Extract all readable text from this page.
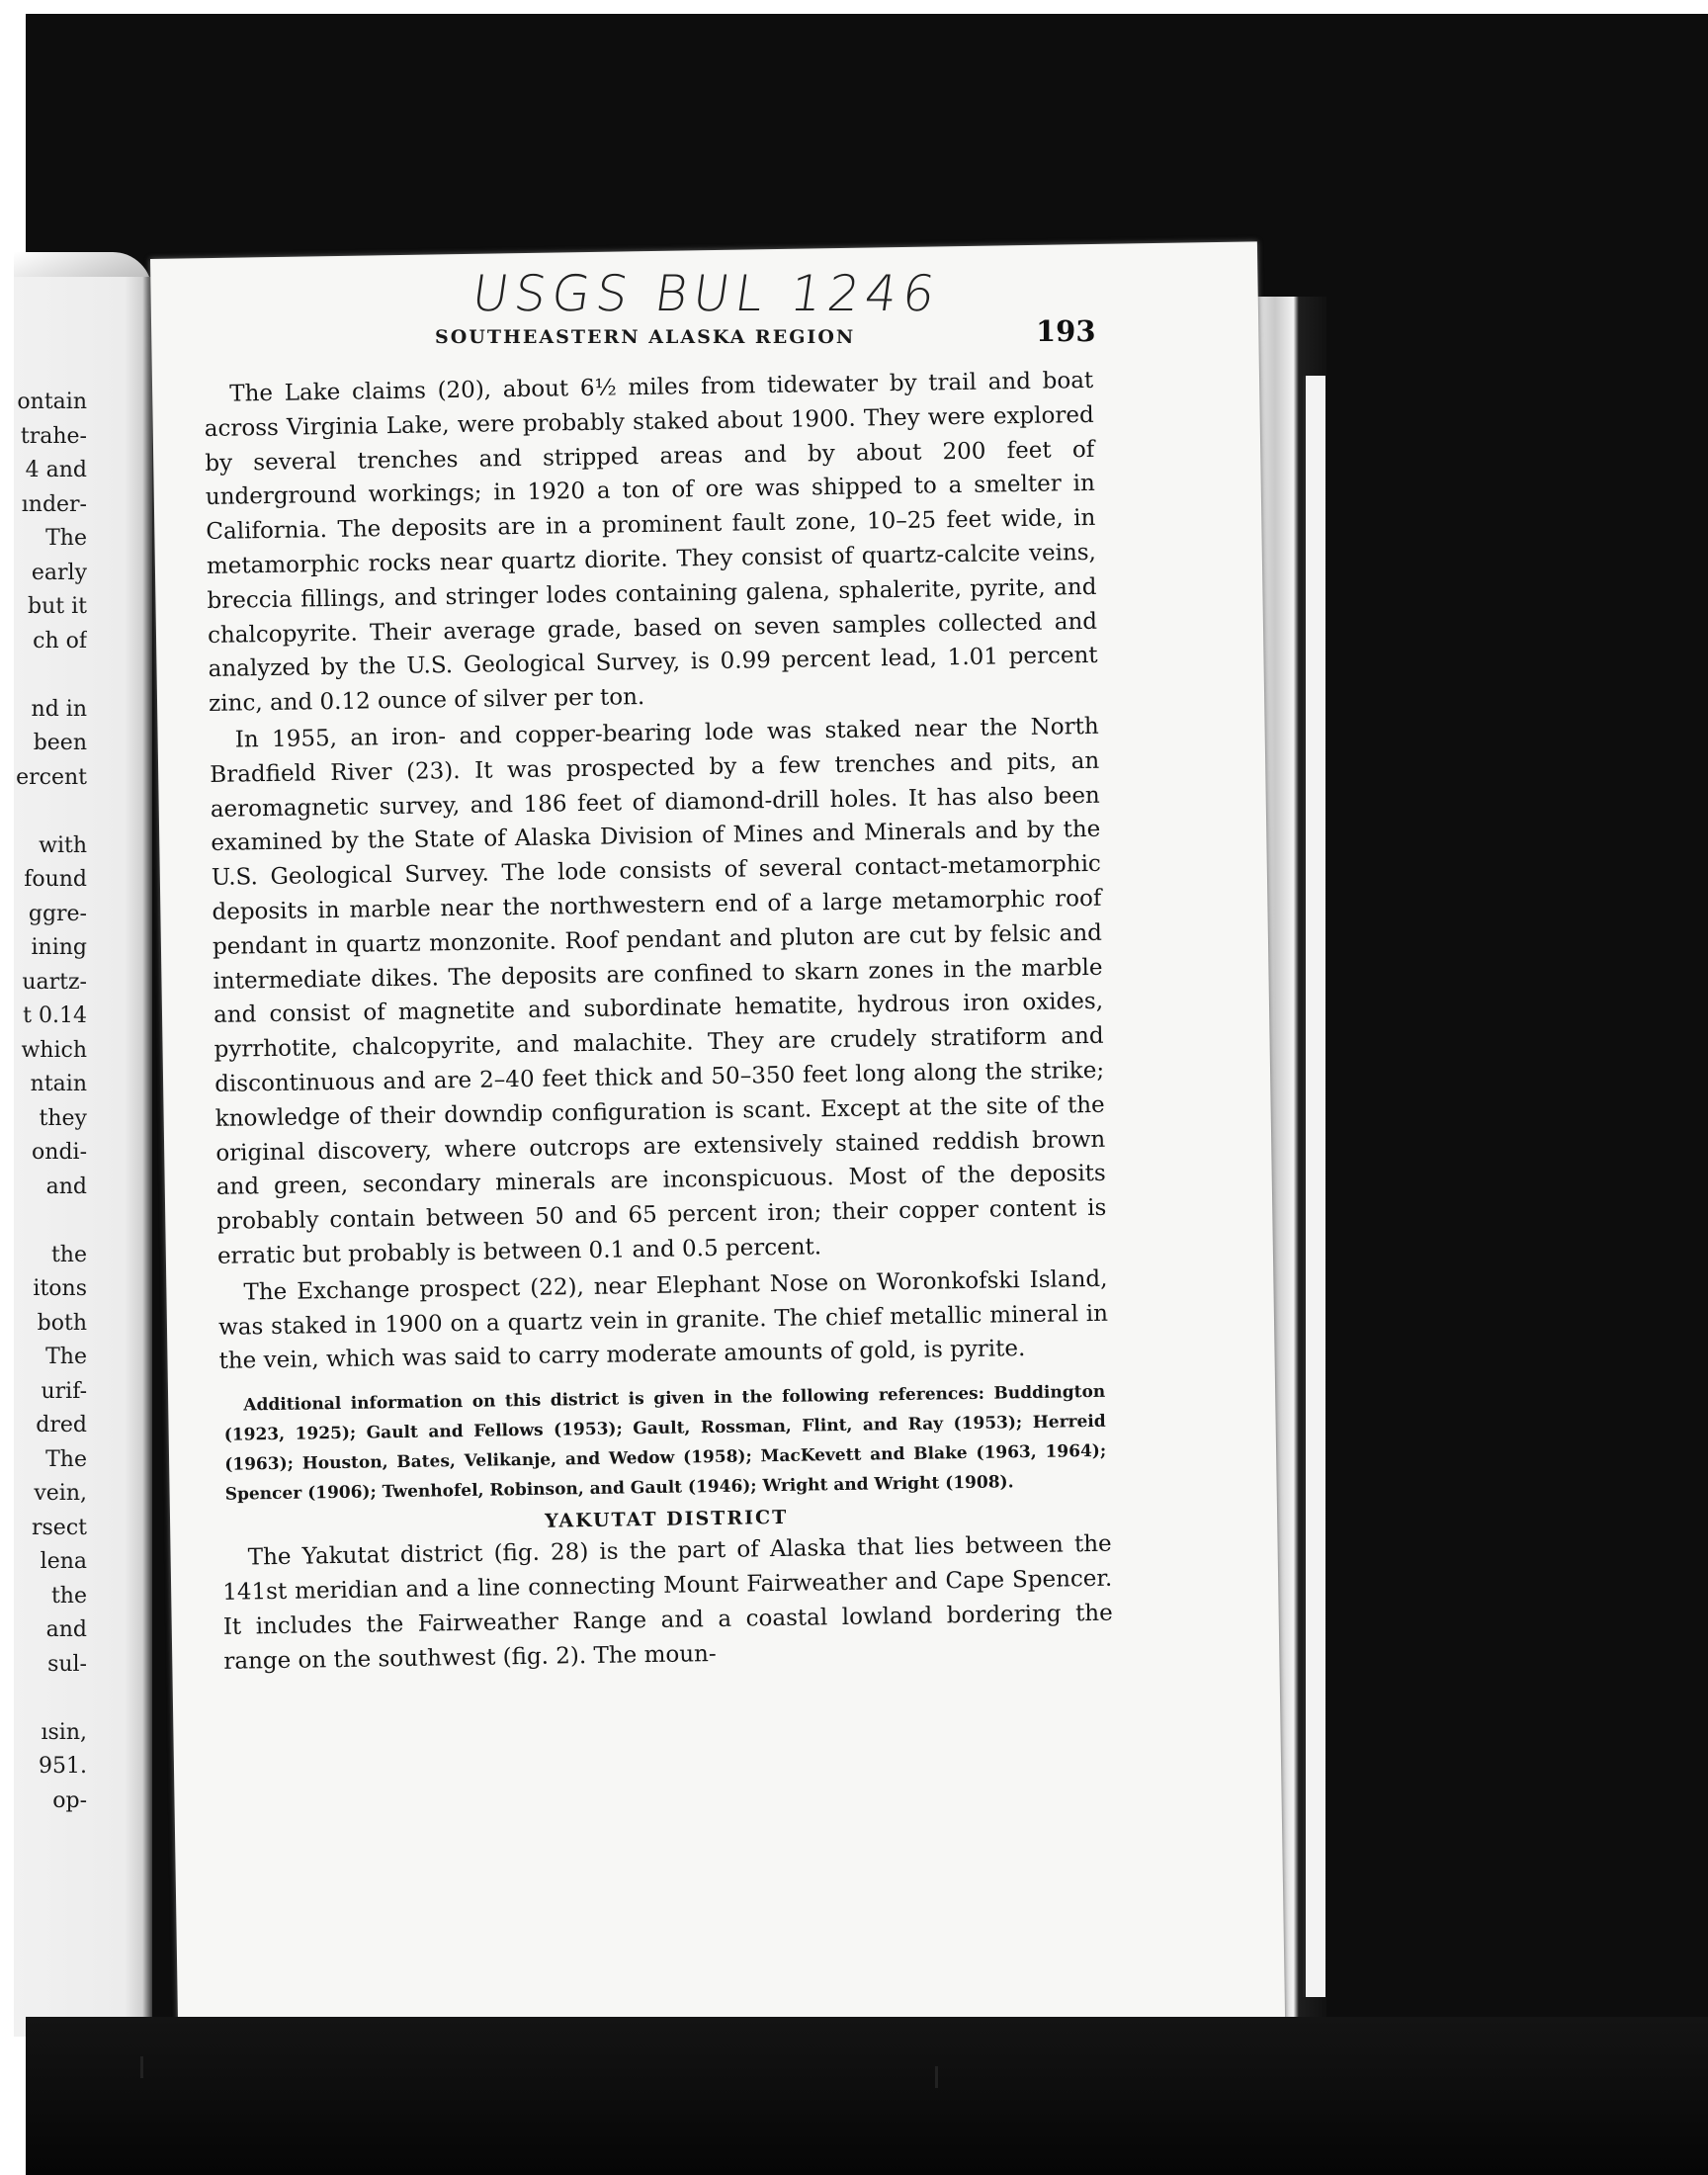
ontain
trahe-
4 and
ınder-
The
early
but it
ch of
nd in
been
ercent
with
found
ggre-
ining
uartz-
t 0.14
which
ntain
they
ondi-
and
the
itons
both
The
urif-
dred
The
vein,
rsect
lena
the
and
sul-
ısin,
951.
op-
USGS BUL 1246
SOUTHEASTERN ALASKA REGION	193

The Lake claims (20), about 6½ miles from tidewater by trail and boat across Virginia Lake, were probably staked about 1900. They were explored by several trenches and stripped areas and by about 200 feet of underground workings; in 1920 a ton of ore was shipped to a smelter in California. The deposits are in a prominent fault zone, 10–25 feet wide, in metamorphic rocks near quartz diorite. They consist of quartz-calcite veins, breccia fillings, and stringer lodes containing galena, sphalerite, pyrite, and chalcopyrite. Their average grade, based on seven samples collected and analyzed by the U.S. Geological Survey, is 0.99 percent lead, 1.01 percent zinc, and 0.12 ounce of silver per ton.

In 1955, an iron- and copper-bearing lode was staked near the North Bradfield River (23). It was prospected by a few trenches and pits, an aeromagnetic survey, and 186 feet of diamond-drill holes. It has also been examined by the State of Alaska Division of Mines and Minerals and by the U.S. Geological Survey. The lode consists of several contact-metamorphic deposits in marble near the northwestern end of a large metamorphic roof pendant in quartz monzonite. Roof pendant and pluton are cut by felsic and intermediate dikes. The deposits are confined to skarn zones in the marble and consist of magnetite and subordinate hematite, hydrous iron oxides, pyrrhotite, chalcopyrite, and malachite. They are crudely stratiform and discontinuous and are 2–40 feet thick and 50–350 feet long along the strike; knowledge of their downdip configuration is scant. Except at the site of the original discovery, where outcrops are extensively stained reddish brown and green, secondary minerals are inconspicuous. Most of the deposits probably contain between 50 and 65 percent iron; their copper content is erratic but probably is between 0.1 and 0.5 percent.

The Exchange prospect (22), near Elephant Nose on Woronkofski Island, was staked in 1900 on a quartz vein in granite. The chief metallic mineral in the vein, which was said to carry moderate amounts of gold, is pyrite.

Additional information on this district is given in the following references: Buddington (1923, 1925); Gault and Fellows (1953); Gault, Rossman, Flint, and Ray (1953); Herreid (1963); Houston, Bates, Velikanje, and Wedow (1958); MacKevett and Blake (1963, 1964); Spencer (1906); Twenhofel, Robinson, and Gault (1946); Wright and Wright (1908).

YAKUTAT DISTRICT

The Yakutat district (fig. 28) is the part of Alaska that lies between the 141st meridian and a line connecting Mount Fairweather and Cape Spencer. It includes the Fairweather Range and a coastal lowland bordering the range on the southwest (fig. 2). The moun-
